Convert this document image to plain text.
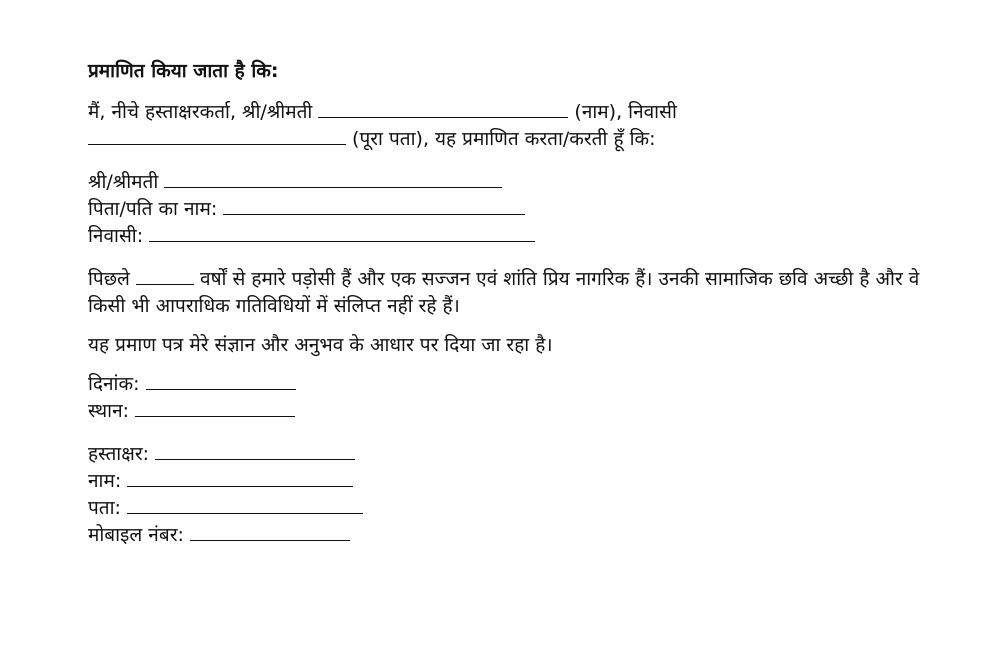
प्रमाणित किया जाता है कि:
मैं, नीचे हस्ताक्षरकर्ता, श्री/श्रीमती	(नाम), निवासी
(पूरा पता), यह प्रमाणित करता/करती हूँ कि:
श्री/श्रीमती
पिता/पति का नाम:
निवासी:
पिछले	वर्षों से हमारे पड़ोसी हैं और एक सज्जन एवं शांति प्रिय नागरिक हैं। उनकी सामाजिक छवि अच्छी है और वे किसी भी आपराधिक गतिविधियों में संलिप्त नहीं रहे हैं।
यह प्रमाण पत्र मेरे संज्ञान और अनुभव के आधार पर दिया जा रहा है।
दिनांक:
स्थान:
हस्ताक्षर:
नाम:
पता:
मोबाइल नंबर:
